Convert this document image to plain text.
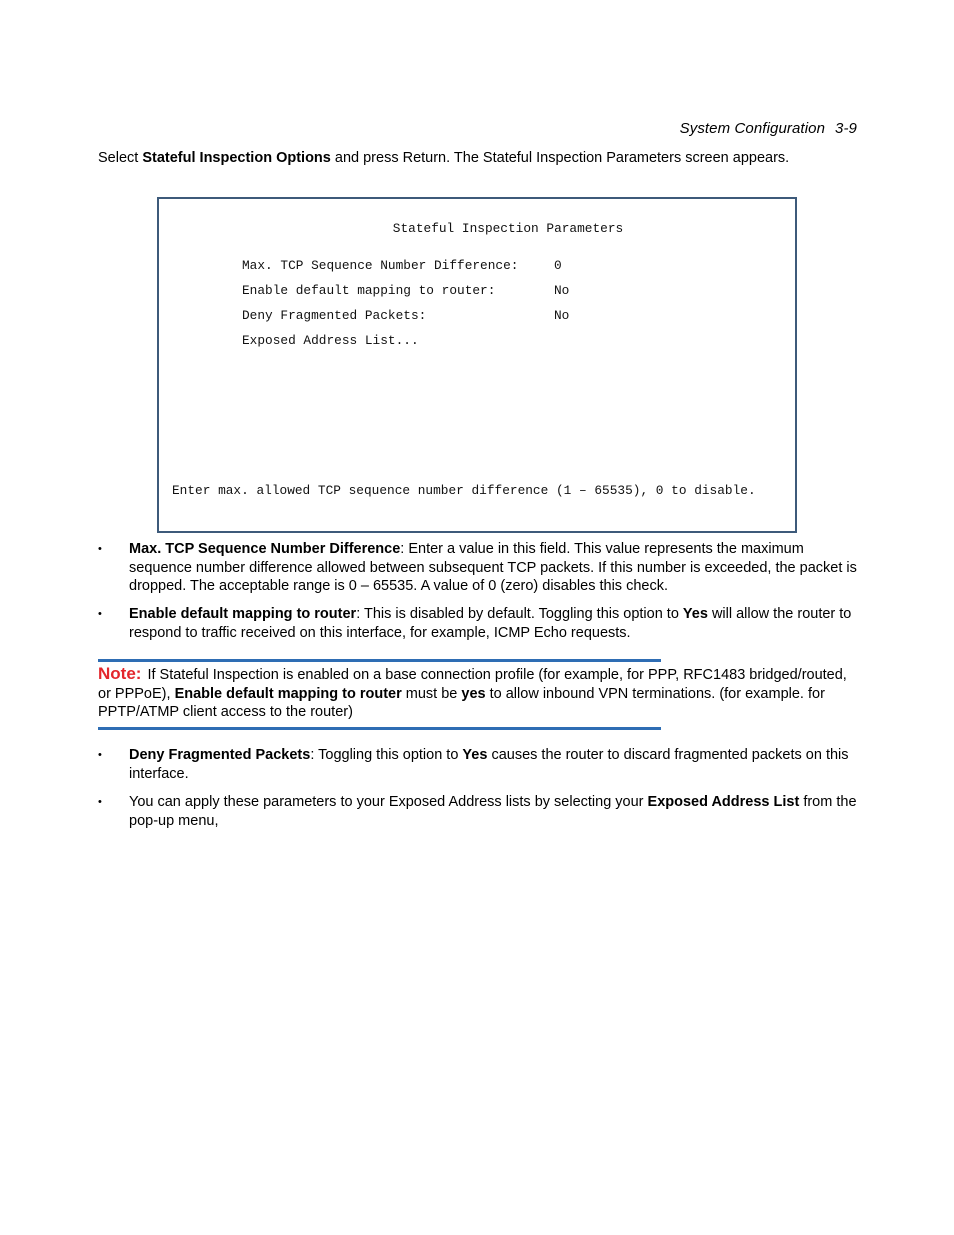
System Configuration 3-9
Select Stateful Inspection Options and press Return. The Stateful Inspection Parameters screen appears.
Stateful Inspection Parameters
Max. TCP Sequence Number Difference:	0
Enable default mapping to router:	No
Deny Fragmented Packets:	No
Exposed Address List...
Enter max. allowed TCP sequence number difference (1 – 65535), 0 to disable.
•	Max. TCP Sequence Number Difference: Enter a value in this field. This value represents the maximum sequence number difference allowed between subsequent TCP packets. If this number is exceeded, the packet is dropped. The acceptable range is 0 – 65535. A value of 0 (zero) disables this check.
•	Enable default mapping to router: This is disabled by default. Toggling this option to Yes will allow the router to respond to traffic received on this interface, for example, ICMP Echo requests.
Note: If Stateful Inspection is enabled on a base connection profile (for example, for PPP, RFC1483 bridged/routed, or PPPoE), Enable default mapping to router must be yes to allow inbound VPN terminations. (for example. for PPTP/ATMP client access to the router)
•	Deny Fragmented Packets: Toggling this option to Yes causes the router to discard fragmented packets on this interface.
•	You can apply these parameters to your Exposed Address lists by selecting your Exposed Address List from the pop-up menu,
